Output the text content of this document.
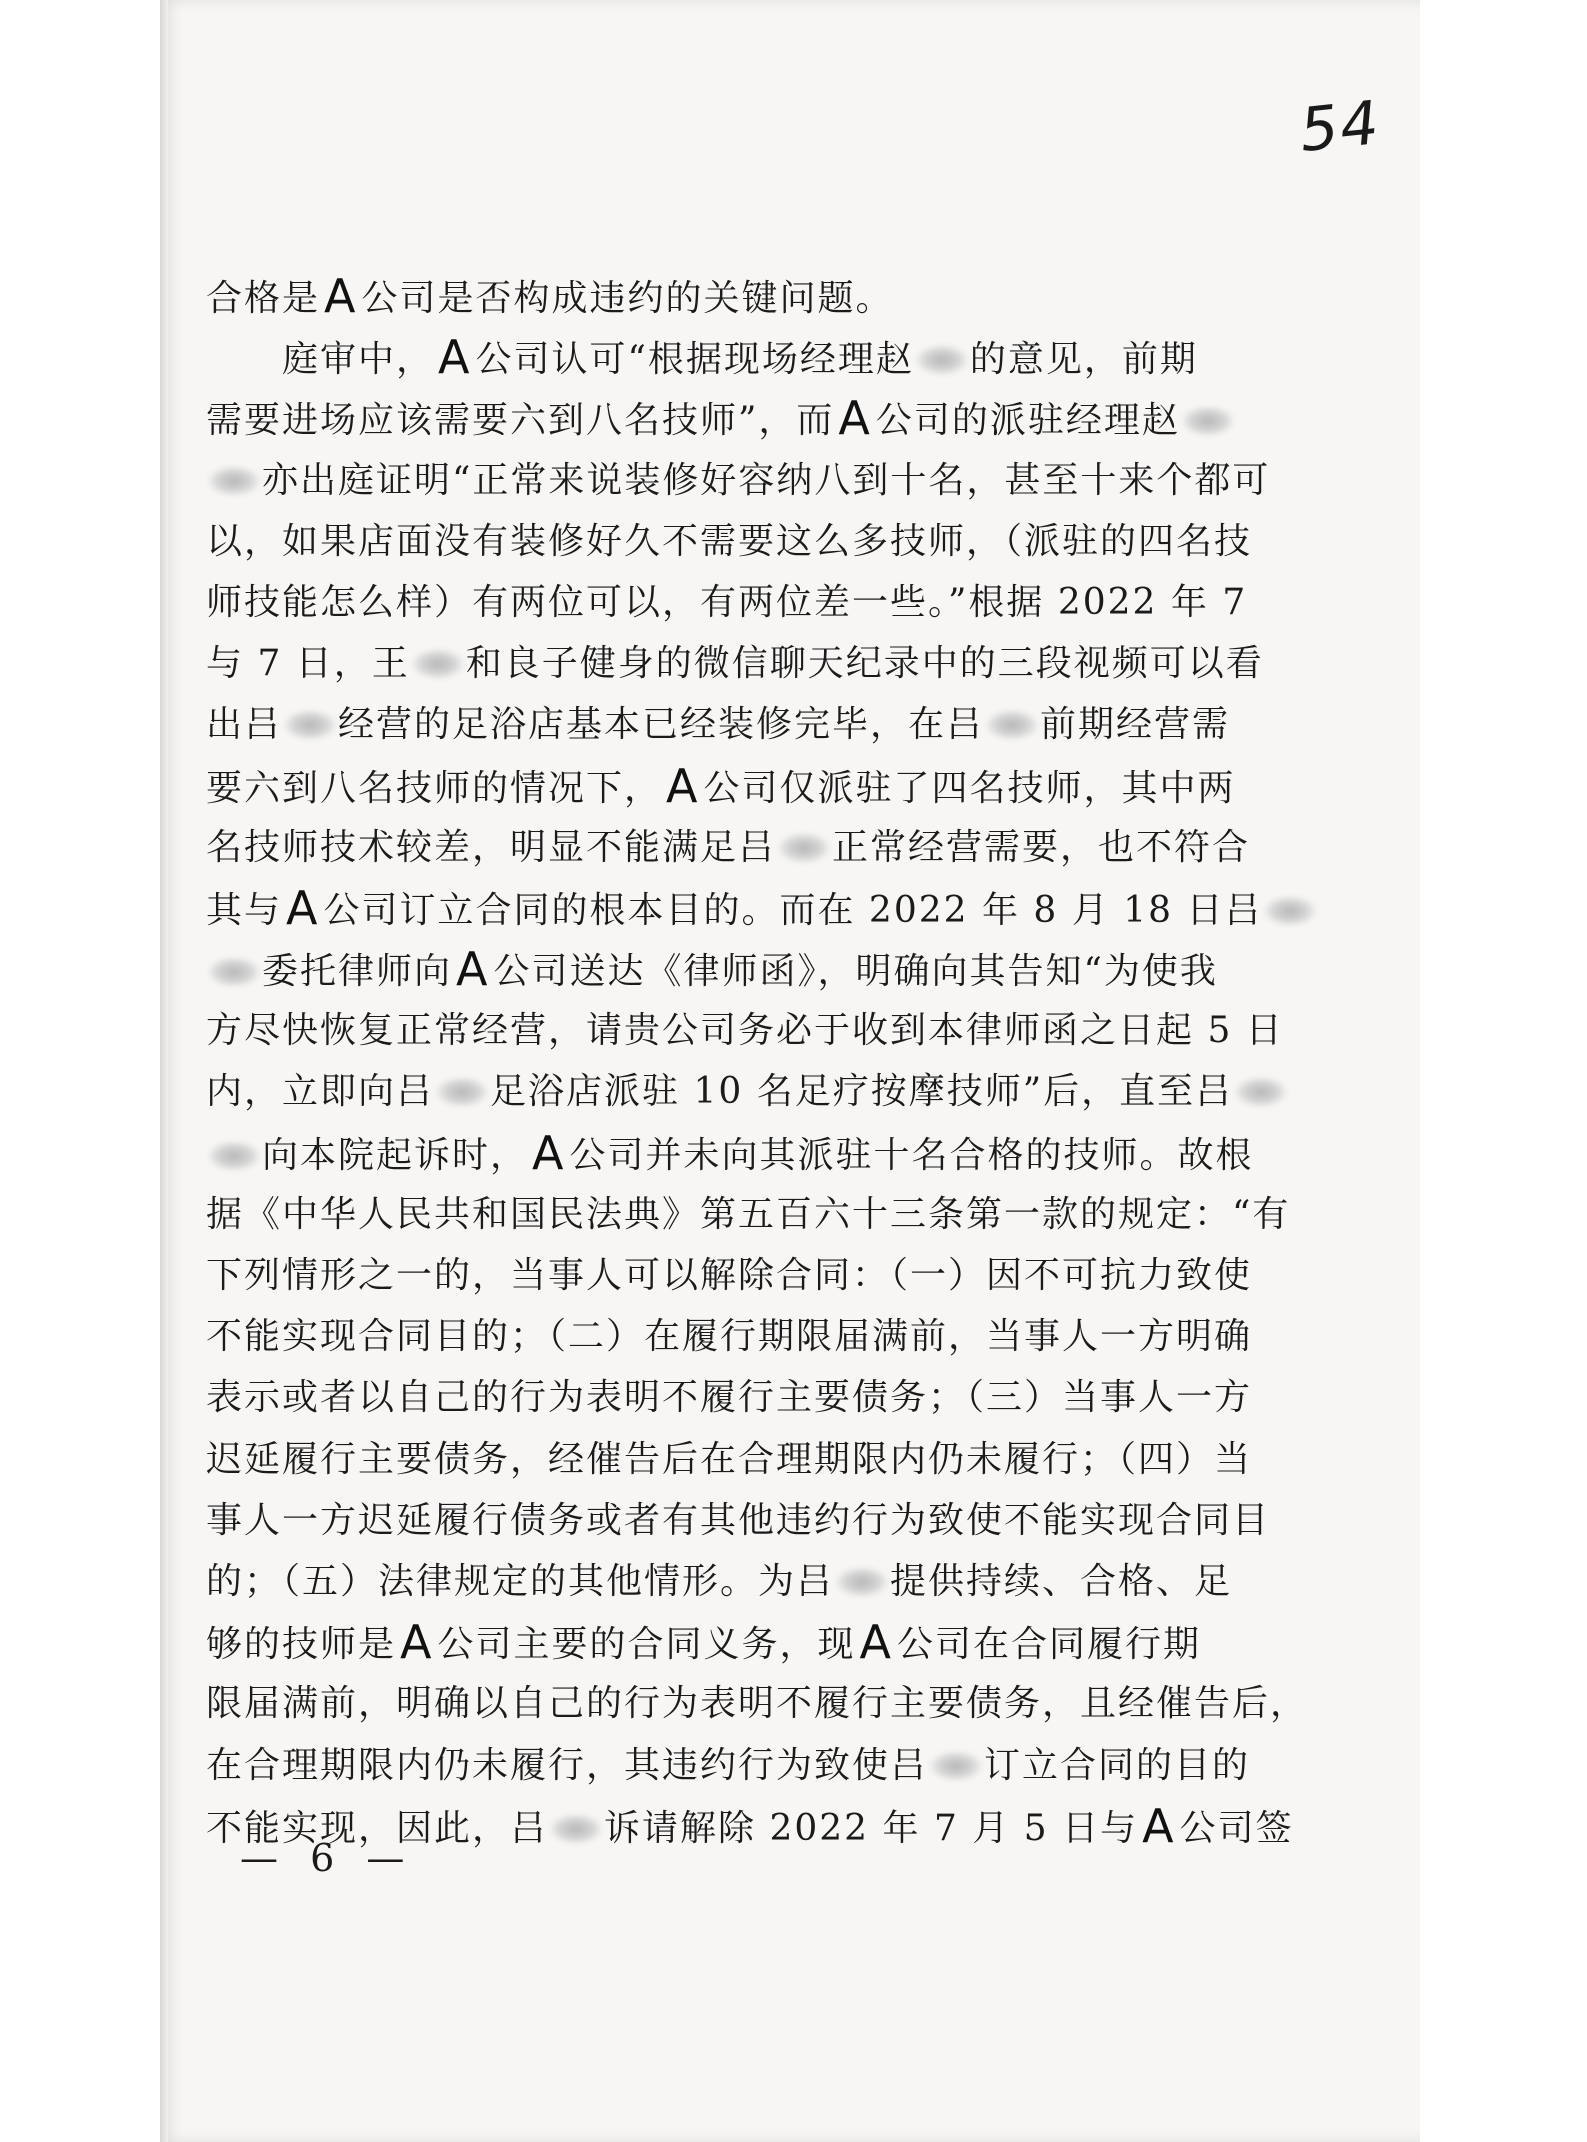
54
合格是A 公司是否构成违约的关键问题。
庭审中，A 公司认可“根据现场经理赵 的意见，前期
需要进场应该需要六到八名技师”，而A 公司的派驻经理赵
亦出庭证明“正常来说装修好容纳八到十名，甚至十来个都可
以，如果店面没有装修好久不需要这么多技师，（派驻的四名技
师技能怎么样）有两位可以，有两位差一些。”根据 2022 年 7
与 7 日，王 和良子健身的微信聊天纪录中的三段视频可以看
出吕 经营的足浴店基本已经装修完毕，在吕 前期经营需
要六到八名技师的情况下，A 公司仅派驻了四名技师，其中两
名技师技术较差，明显不能满足吕 正常经营需要，也不符合
其与A 公司订立合同的根本目的。而在 2022 年 8 月 18 日吕
委托律师向A 公司送达《律师函》，明确向其告知“为使我
方尽快恢复正常经营，请贵公司务必于收到本律师函之日起 5 日
内，立即向吕 足浴店派驻 10 名足疗按摩技师”后，直至吕
向本院起诉时，A 公司并未向其派驻十名合格的技师。故根
据《中华人民共和国民法典》第五百六十三条第一款的规定：“有
下列情形之一的，当事人可以解除合同：（一）因不可抗力致使
不能实现合同目的；（二）在履行期限届满前，当事人一方明确
表示或者以自己的行为表明不履行主要债务；（三）当事人一方
迟延履行主要债务，经催告后在合理期限内仍未履行；（四）当
事人一方迟延履行债务或者有其他违约行为致使不能实现合同目
的；（五）法律规定的其他情形。为吕 提供持续、合格、足
够的技师是A 公司主要的合同义务，现A 公司在合同履行期
限届满前，明确以自己的行为表明不履行主要债务，且经催告后，
在合理期限内仍未履行，其违约行为致使吕 订立合同的目的
不能实现，因此，吕 诉请解除 2022 年 7 月 5 日与A 公司签
— 6 —
